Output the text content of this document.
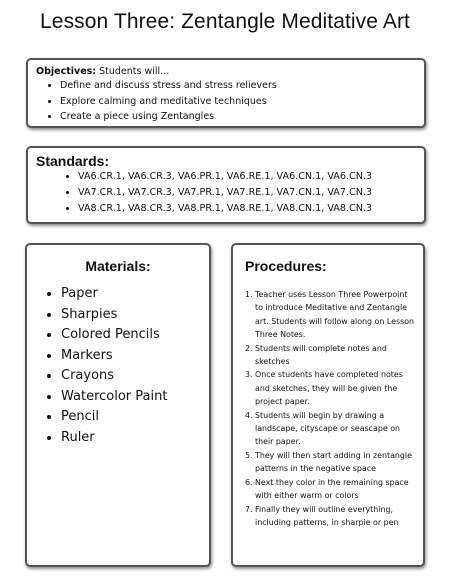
Lesson Three: Zentangle Meditative Art
Objectives: Students will...
• Define and discuss stress and stress relievers
• Explore calming and meditative techniques
• Create a piece using Zentangles
Standards:
• VA6.CR.1, VA6.CR.3, VA6.PR.1, VA6.RE.1, VA6.CN.1, VA6.CN.3
• VA7.CR.1, VA7.CR.3, VA7.PR.1, VA7.RE.1, VA7.CN.1, VA7.CN.3
• VA8.CR.1, VA8.CR.3, VA8.PR.1, VA8.RE.1, VA8.CN.1, VA8.CN.3
Materials:
• Paper
• Sharpies
• Colored Pencils
• Markers
• Crayons
• Watercolor Paint
• Pencil
• Ruler
Procedures:
1. Teacher uses Lesson Three Powerpoint to introduce Meditative and Zentangle art. Students will follow along on Lesson Three Notes.
2. Students will complete notes and sketches
3. Once students have completed notes and sketches, they will be given the project paper.
4. Students will begin by drawing a landscape, cityscape or seascape on their paper.
5. They will then start adding in zentangle patterns in the negative space
6. Next they color in the remaining space with either warm or colors
7. Finally they will outline everything, including patterns, in sharpie or pen
